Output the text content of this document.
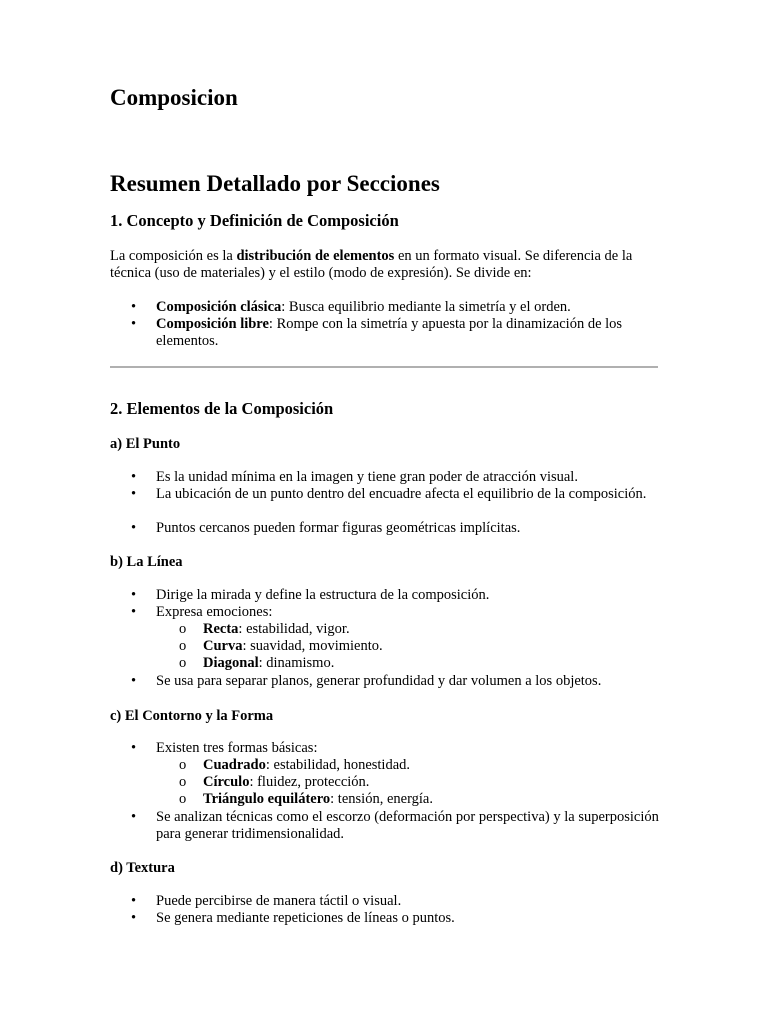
Composicion
Resumen Detallado por Secciones
1. Concepto y Definición de Composición
La composición es la distribución de elementos en un formato visual. Se diferencia de la técnica (uso de materiales) y el estilo (modo de expresión). Se divide en:
• Composición clásica: Busca equilibrio mediante la simetría y el orden.
• Composición libre: Rompe con la simetría y apuesta por la dinamización de los elementos.
2. Elementos de la Composición
a) El Punto
• Es la unidad mínima en la imagen y tiene gran poder de atracción visual.
• La ubicación de un punto dentro del encuadre afecta el equilibrio de la composición.
• Puntos cercanos pueden formar figuras geométricas implícitas.
b) La Línea
• Dirige la mirada y define la estructura de la composición.
• Expresa emociones:
o Recta: estabilidad, vigor.
o Curva: suavidad, movimiento.
o Diagonal: dinamismo.
• Se usa para separar planos, generar profundidad y dar volumen a los objetos.
c) El Contorno y la Forma
• Existen tres formas básicas:
o Cuadrado: estabilidad, honestidad.
o Círculo: fluidez, protección.
o Triángulo equilátero: tensión, energía.
• Se analizan técnicas como el escorzo (deformación por perspectiva) y la superposición para generar tridimensionalidad.
d) Textura
• Puede percibirse de manera táctil o visual.
• Se genera mediante repeticiones de líneas o puntos.
